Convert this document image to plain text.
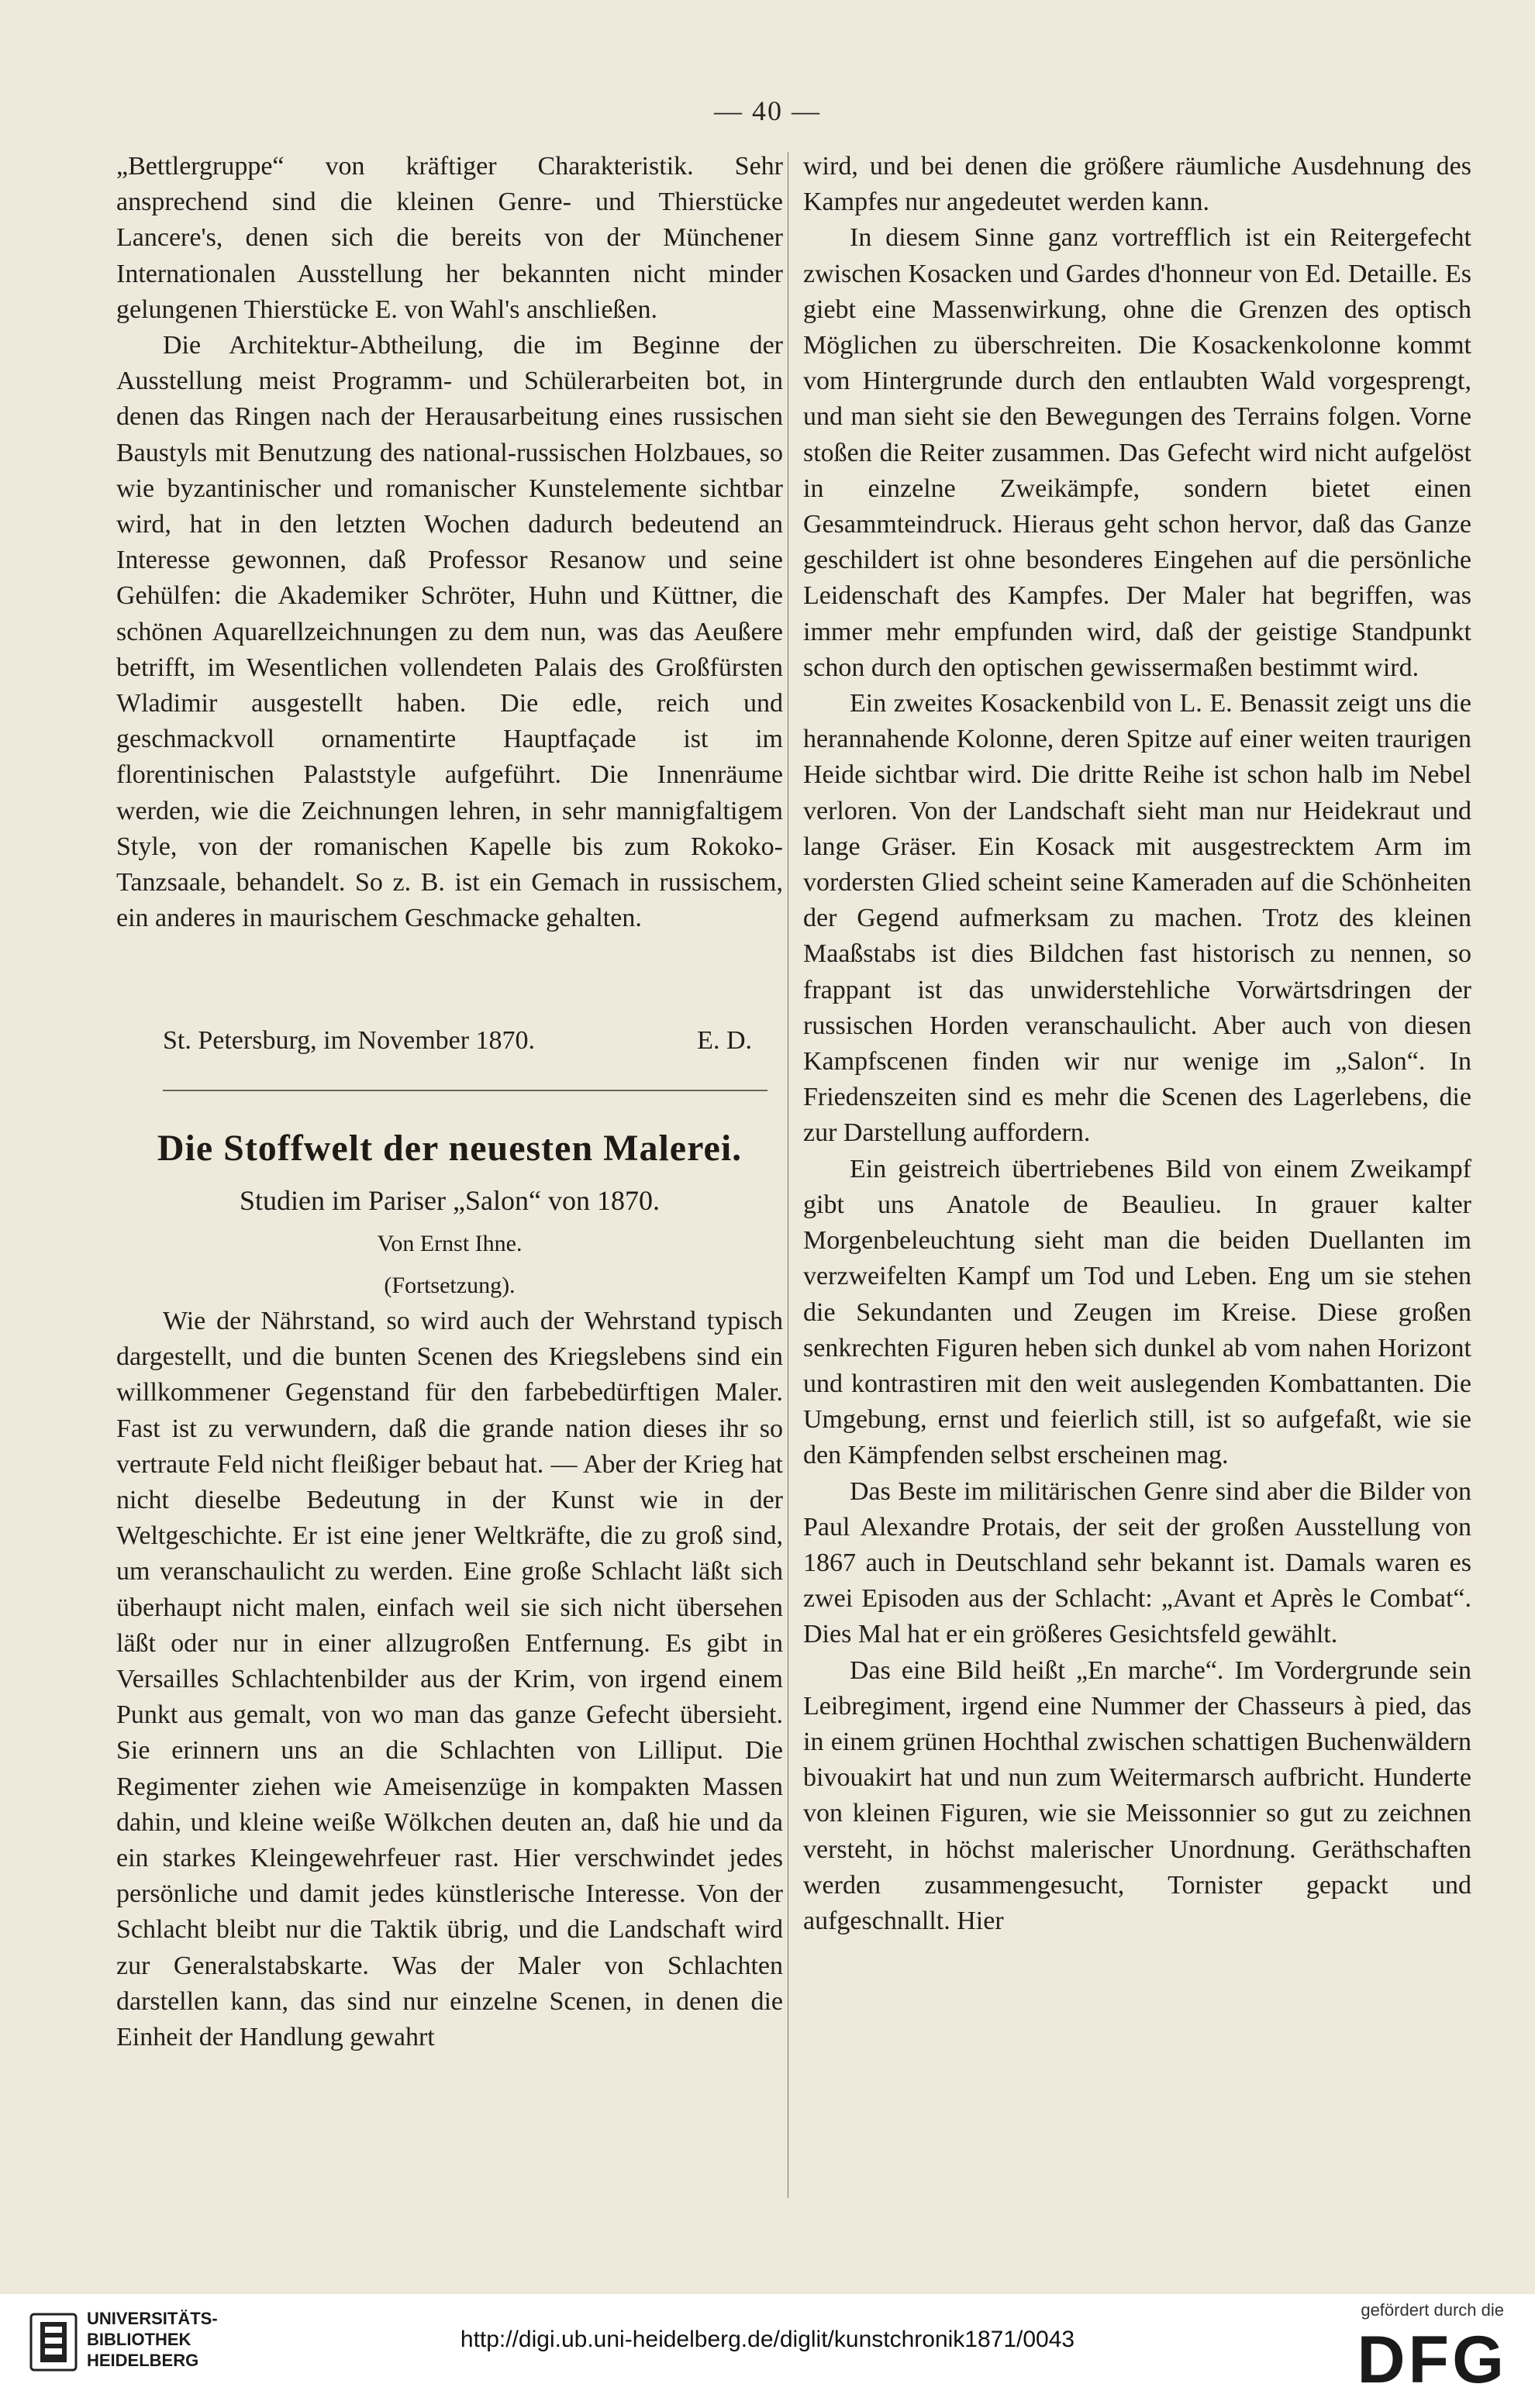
— 40 —

„Bettlergruppe“ von kräftiger Charakteristik. Sehr ansprechend sind die kleinen Genre- und Thierstücke Lancere's, denen sich die bereits von der Münchener Internationalen Ausstellung her bekannten nicht minder gelungenen Thierstücke E. von Wahl's anschließen.

Die Architektur-Abtheilung, die im Beginne der Ausstellung meist Programm- und Schülerarbeiten bot, in denen das Ringen nach der Herausarbeitung eines russischen Baustyls mit Benutzung des national-russischen Holzbaues, so wie byzantinischer und romanischer Kunstelemente sichtbar wird, hat in den letzten Wochen dadurch bedeutend an Interesse gewonnen, daß Professor Resanow und seine Gehülfen: die Akademiker Schröter, Huhn und Küttner, die schönen Aquarellzeichnungen zu dem nun, was das Aeußere betrifft, im Wesentlichen vollendeten Palais des Großfürsten Wladimir ausgestellt haben. Die edle, reich und geschmackvoll ornamentirte Hauptfaçade ist im florentinischen Palaststyle aufgeführt. Die Innenräume werden, wie die Zeichnungen lehren, in sehr mannigfaltigem Style, von der romanischen Kapelle bis zum Rokoko-Tanzsaale, behandelt. So z. B. ist ein Gemach in russischem, ein anderes in maurischem Geschmacke gehalten.

St. Petersburg, im November 1870.	E. D.
Die Stoffwelt der neuesten Malerei.
Studien im Pariser „Salon“ von 1870.
Von Ernst Ihne.
(Fortsetzung).

Wie der Nährstand, so wird auch der Wehrstand typisch dargestellt, und die bunten Scenen des Kriegslebens sind ein willkommener Gegenstand für den farbebedürftigen Maler. Fast ist zu verwundern, daß die grande nation dieses ihr so vertraute Feld nicht fleißiger bebaut hat. — Aber der Krieg hat nicht dieselbe Bedeutung in der Kunst wie in der Weltgeschichte. Er ist eine jener Weltkräfte, die zu groß sind, um veranschaulicht zu werden. Eine große Schlacht läßt sich überhaupt nicht malen, einfach weil sie sich nicht übersehen läßt oder nur in einer allzugroßen Entfernung. Es gibt in Versailles Schlachtenbilder aus der Krim, von irgend einem Punkt aus gemalt, von wo man das ganze Gefecht übersieht. Sie erinnern uns an die Schlachten von Lilliput. Die Regimenter ziehen wie Ameisenzüge in kompakten Massen dahin, und kleine weiße Wölkchen deuten an, daß hie und da ein starkes Kleingewehrfeuer rast. Hier verschwindet jedes persönliche und damit jedes künstlerische Interesse. Von der Schlacht bleibt nur die Taktik übrig, und die Landschaft wird zur Generalstabskarte. Was der Maler von Schlachten darstellen kann, das sind nur einzelne Scenen, in denen die Einheit der Handlung gewahrt

wird, und bei denen die größere räumliche Ausdehnung des Kampfes nur angedeutet werden kann.

In diesem Sinne ganz vortrefflich ist ein Reitergefecht zwischen Kosacken und Gardes d'honneur von Ed. Detaille. Es giebt eine Massenwirkung, ohne die Grenzen des optisch Möglichen zu überschreiten. Die Kosackenkolonne kommt vom Hintergrunde durch den entlaubten Wald vorgesprengt, und man sieht sie den Bewegungen des Terrains folgen. Vorne stoßen die Reiter zusammen. Das Gefecht wird nicht aufgelöst in einzelne Zweikämpfe, sondern bietet einen Gesammteindruck. Hieraus geht schon hervor, daß das Ganze geschildert ist ohne besonderes Eingehen auf die persönliche Leidenschaft des Kampfes. Der Maler hat begriffen, was immer mehr empfunden wird, daß der geistige Standpunkt schon durch den optischen gewissermaßen bestimmt wird.

Ein zweites Kosackenbild von L. E. Benassit zeigt uns die herannahende Kolonne, deren Spitze auf einer weiten traurigen Heide sichtbar wird. Die dritte Reihe ist schon halb im Nebel verloren. Von der Landschaft sieht man nur Heidekraut und lange Gräser. Ein Kosack mit ausgestrecktem Arm im vordersten Glied scheint seine Kameraden auf die Schönheiten der Gegend aufmerksam zu machen. Trotz des kleinen Maaßstabs ist dies Bildchen fast historisch zu nennen, so frappant ist das unwiderstehliche Vorwärtsdringen der russischen Horden veranschaulicht. Aber auch von diesen Kampfscenen finden wir nur wenige im „Salon“. In Friedenszeiten sind es mehr die Scenen des Lagerlebens, die zur Darstellung auffordern.

Ein geistreich übertriebenes Bild von einem Zweikampf gibt uns Anatole de Beaulieu. In grauer kalter Morgenbeleuchtung sieht man die beiden Duellanten im verzweifelten Kampf um Tod und Leben. Eng um sie stehen die Sekundanten und Zeugen im Kreise. Diese großen senkrechten Figuren heben sich dunkel ab vom nahen Horizont und kontrastiren mit den weit auslegenden Kombattanten. Die Umgebung, ernst und feierlich still, ist so aufgefaßt, wie sie den Kämpfenden selbst erscheinen mag.

Das Beste im militärischen Genre sind aber die Bilder von Paul Alexandre Protais, der seit der großen Ausstellung von 1867 auch in Deutschland sehr bekannt ist. Damals waren es zwei Episoden aus der Schlacht: „Avant et Après le Combat“. Dies Mal hat er ein größeres Gesichtsfeld gewählt.

Das eine Bild heißt „En marche“. Im Vordergrunde sein Leibregiment, irgend eine Nummer der Chasseurs à pied, das in einem grünen Hochthal zwischen schattigen Buchenwäldern bivouakirt hat und nun zum Weitermarsch aufbricht. Hunderte von kleinen Figuren, wie sie Meissonnier so gut zu zeichnen versteht, in höchst malerischer Unordnung. Geräthschaften werden zusammengesucht, Tornister gepackt und aufgeschnallt. Hier

UNIVERSITÄTS-
BIBLIOTHEK
HEIDELBERG
http://digi.ub.uni-heidelberg.de/diglit/kunstchronik1871/0043
gefördert durch die
DFG
